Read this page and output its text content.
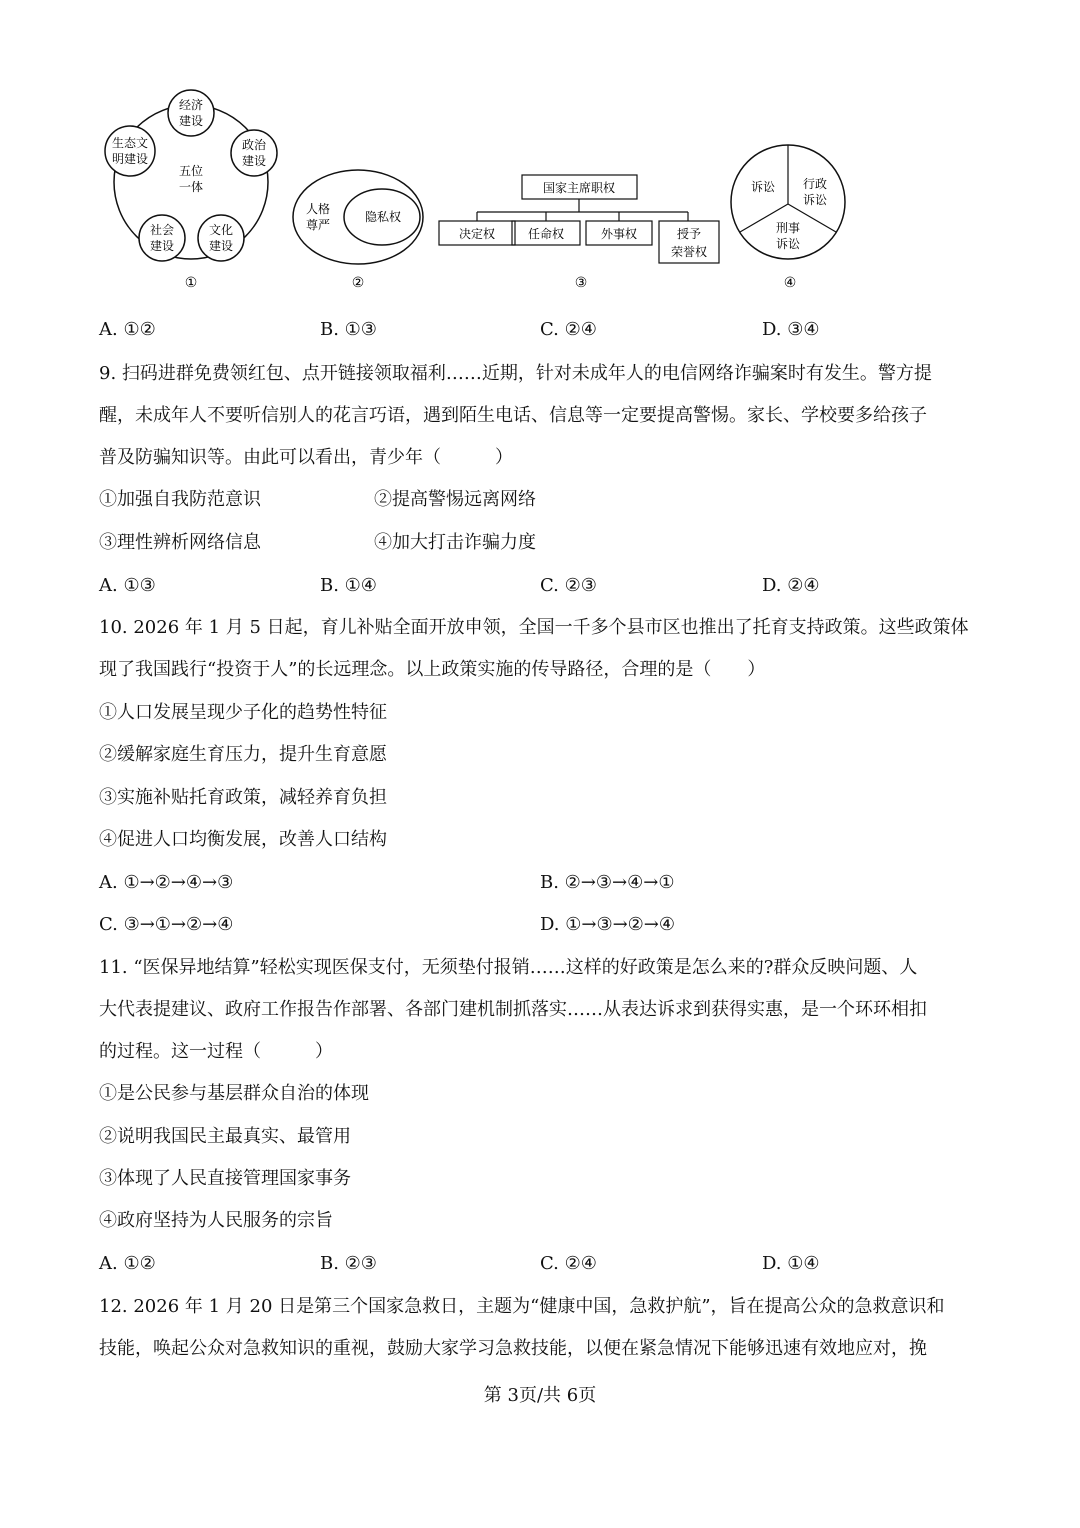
五位
一体
经济
建设
政治
建设
文化
建设
社会
建设
生态文
明建设
①
人格
尊严
隐私权
②
国家主席职权
决定权	任命权	外事权	授予
荣誉权
③
诉讼 行政
诉讼
刑事
诉讼
④
A. ①②	B. ①③	C. ②④	D. ③④
9. 扫码进群免费领红包、点开链接领取福利……近期，针对未成年人的电信网络诈骗案时有发生。警方提
醒，未成年人不要听信别人的花言巧语，遇到陌生电话、信息等一定要提高警惕。家长、学校要多给孩子
普及防骗知识等。由此可以看出，青少年（　　　）
①加强自我防范意识	②提高警惕远离网络
③理性辨析网络信息	④加大打击诈骗力度
A. ①③	B. ①④	C. ②③	D. ②④
10. 2026 年 1 月 5 日起，育儿补贴全面开放申领，全国一千多个县市区也推出了托育支持政策。这些政策体
现了我国践行“投资于人”的长远理念。以上政策实施的传导路径，合理的是（　　）
①人口发展呈现少子化的趋势性特征
②缓解家庭生育压力，提升生育意愿
③实施补贴托育政策，减轻养育负担
④促进人口均衡发展，改善人口结构
A. ①→②→④→③	B. ②→③→④→①
C. ③→①→②→④	D. ①→③→②→④
11. “医保异地结算”轻松实现医保支付，无须垫付报销……这样的好政策是怎么来的?群众反映问题、人
大代表提建议、政府工作报告作部署、各部门建机制抓落实……从表达诉求到获得实惠，是一个环环相扣
的过程。这一过程（　　　）
①是公民参与基层群众自治的体现
②说明我国民主最真实、最管用
③体现了人民直接管理国家事务
④政府坚持为人民服务的宗旨
A. ①②	B. ②③	C. ②④	D. ①④
12. 2026 年 1 月 20 日是第三个国家急救日，主题为“健康中国，急救护航”，旨在提高公众的急救意识和
技能，唤起公众对急救知识的重视，鼓励大家学习急救技能，以便在紧急情况下能够迅速有效地应对，挽
第 3页/共 6页
